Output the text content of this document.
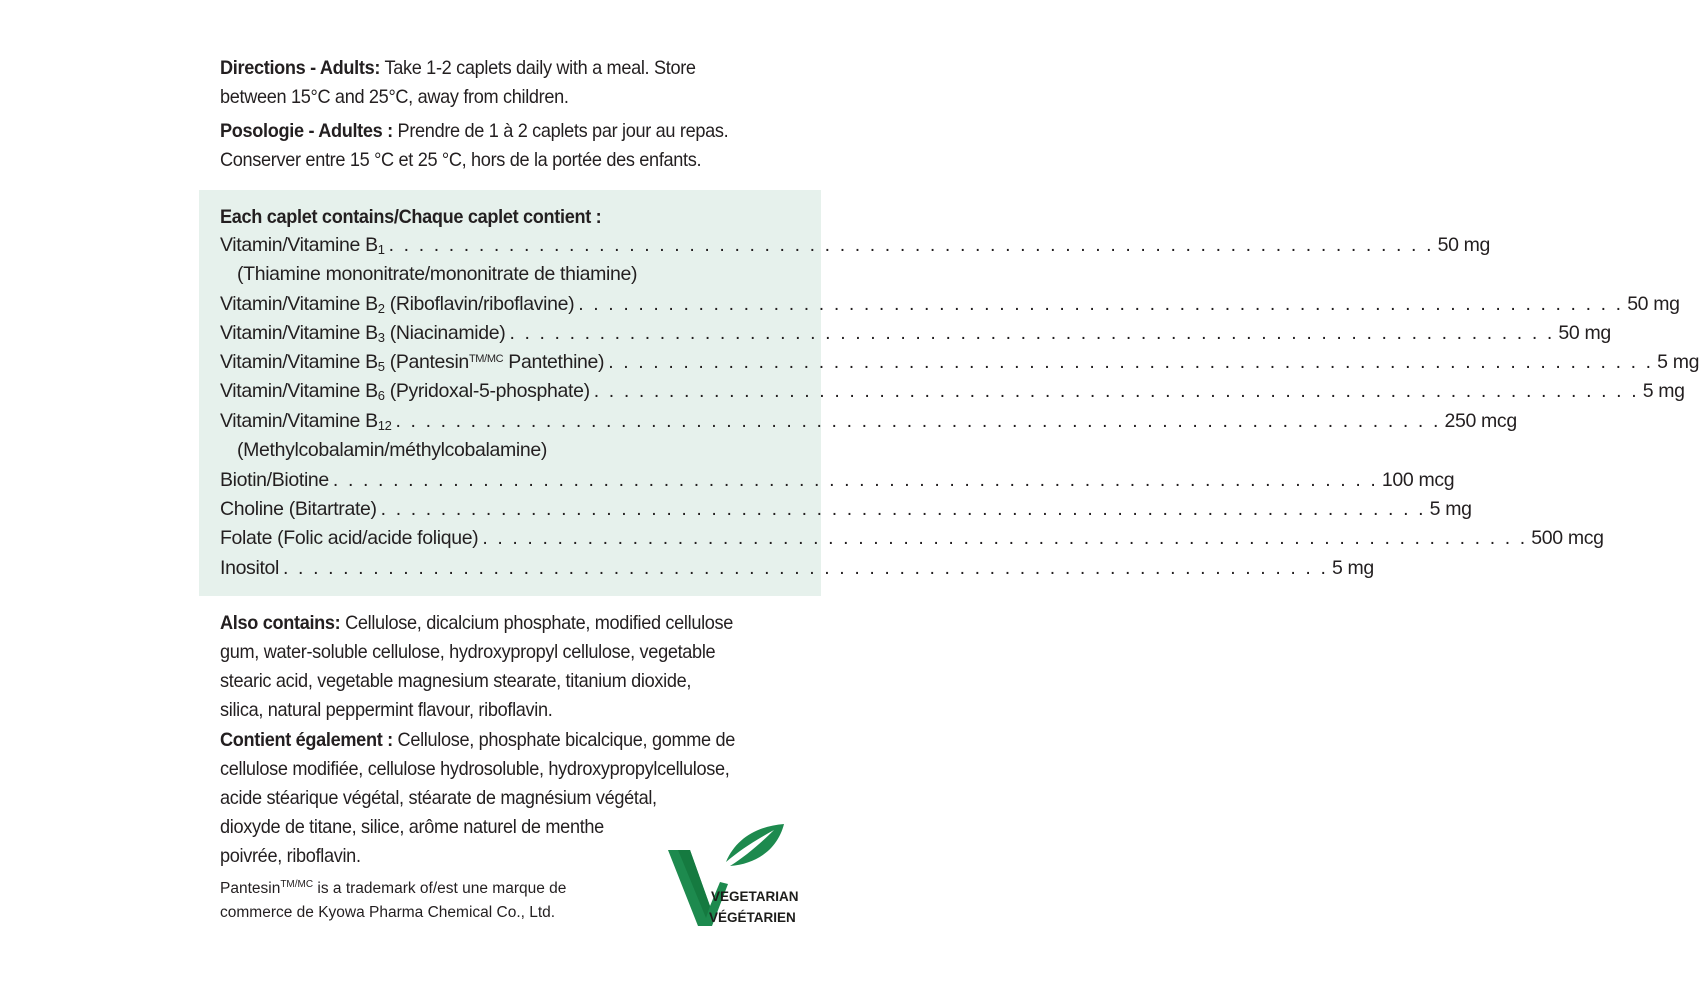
Directions - Adults: Take 1-2 caplets daily with a meal. Store
between 15°C and 25°C, away from children.
Posologie - Adultes : Prendre de 1 à 2 caplets par jour au repas.
Conserver entre 15 °C et 25 °C, hors de la portée des enfants.
Each caplet contains/Chaque caplet contient :
Vitamin/Vitamine $B_1$ . . . . . . . . . . . . . . . . . . . . . . . . . . . . . . . . . . . . . . . . . . . . . . . . . . . . . . . . . . . . . . . . . . . . . . 50 mg
(Thiamine mononitrate/mononitrate de thiamine)
Vitamin/Vitamine $B_2$ (Riboflavin/riboflavine) . . . . . . . . . . . . . . . . . . . . . . . . . . . . . . . . . . . . . . . . . . . . . . . . . . . . . . . . . . . . . . . . . . . . . . 50 mg
Vitamin/Vitamine $B_3$ (Niacinamide) . . . . . . . . . . . . . . . . . . . . . . . . . . . . . . . . . . . . . . . . . . . . . . . . . . . . . . . . . . . . . . . . . . . . . . 50 mg
Vitamin/Vitamine $B_5$ (Pantesin$^{TM/MC}$ Pantethine) . . . . . . . . . . . . . . . . . . . . . . . . . . . . . . . . . . . . . . . . . . . . . . . . . . . . . . . . . . . . . . . . . . . . . . 5 mg
Vitamin/Vitamine $B_6$ (Pyridoxal-5-phosphate) . . . . . . . . . . . . . . . . . . . . . . . . . . . . . . . . . . . . . . . . . . . . . . . . . . . . . . . . . . . . . . . . . . . . . . 5 mg
Vitamin/Vitamine $B_{12}$ . . . . . . . . . . . . . . . . . . . . . . . . . . . . . . . . . . . . . . . . . . . . . . . . . . . . . . . . . . . . . . . . . . . . . . 250 mcg
(Methylcobalamin/méthylcobalamine)
Biotin/Biotine . . . . . . . . . . . . . . . . . . . . . . . . . . . . . . . . . . . . . . . . . . . . . . . . . . . . . . . . . . . . . . . . . . . . . . 100 mcg
Choline (Bitartrate) . . . . . . . . . . . . . . . . . . . . . . . . . . . . . . . . . . . . . . . . . . . . . . . . . . . . . . . . . . . . . . . . . . . . . . 5 mg
Folate (Folic acid/acide folique) . . . . . . . . . . . . . . . . . . . . . . . . . . . . . . . . . . . . . . . . . . . . . . . . . . . . . . . . . . . . . . . . . . . . . . 500 mcg
Inositol . . . . . . . . . . . . . . . . . . . . . . . . . . . . . . . . . . . . . . . . . . . . . . . . . . . . . . . . . . . . . . . . . . . . . . 5 mg
Also contains: Cellulose, dicalcium phosphate, modified cellulose
gum, water-soluble cellulose, hydroxypropyl cellulose, vegetable
stearic acid, vegetable magnesium stearate, titanium dioxide,
silica, natural peppermint flavour, riboflavin.
Contient également : Cellulose, phosphate bicalcique, gomme de
cellulose modifiée, cellulose hydrosoluble, hydroxypropylcellulose,
acide stéarique végétal, stéarate de magnésium végétal,
dioxyde de titane, silice, arôme naturel de menthe
poivrée, riboflavin.
Pantesin$^{TM/MC}$ is a trademark of/est une marque de
commerce de Kyowa Pharma Chemical Co., Ltd.
VEGETARIAN
VÉGÉTARIEN
